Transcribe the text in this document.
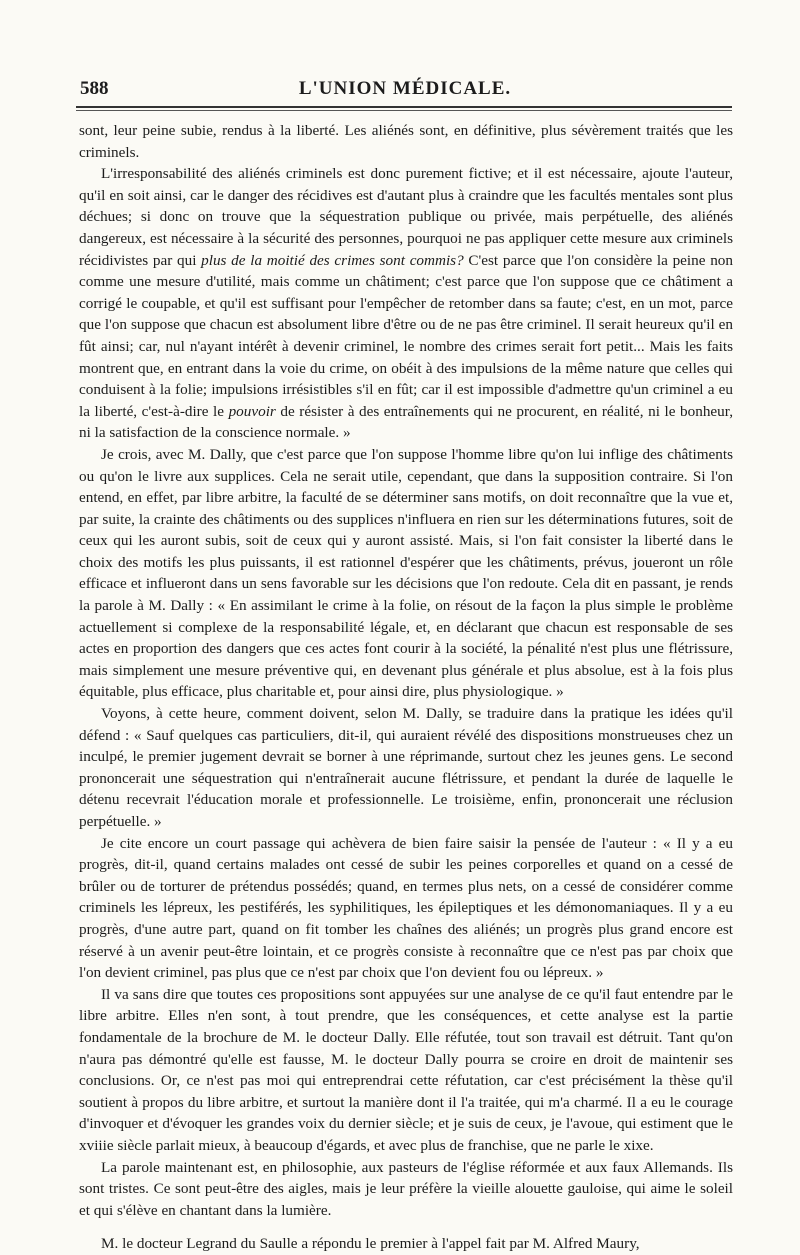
588	L'UNION MÉDICALE.

sont, leur peine subie, rendus à la liberté. Les aliénés sont, en définitive, plus sévèrement traités que les criminels.

L'irresponsabilité des aliénés criminels est donc purement fictive; et il est nécessaire, ajoute l'auteur, qu'il en soit ainsi, car le danger des récidives est d'autant plus à craindre que les facultés mentales sont plus déchues; si donc on trouve que la séquestration publique ou privée, mais perpétuelle, des aliénés dangereux, est nécessaire à la sécurité des personnes, pourquoi ne pas appliquer cette mesure aux criminels récidivistes par qui plus de la moitié des crimes sont commis? C'est parce que l'on considère la peine non comme une mesure d'utilité, mais comme un châtiment; c'est parce que l'on suppose que ce châtiment a corrigé le coupable, et qu'il est suffisant pour l'empêcher de retomber dans sa faute; c'est, en un mot, parce que l'on suppose que chacun est absolument libre d'être ou de ne pas être criminel. Il serait heureux qu'il en fût ainsi; car, nul n'ayant intérêt à devenir criminel, le nombre des crimes serait fort petit... Mais les faits montrent que, en entrant dans la voie du crime, on obéit à des impulsions de la même nature que celles qui conduisent à la folie; impulsions irrésistibles s'il en fût; car il est impossible d'admettre qu'un criminel a eu la liberté, c'est-à-dire le pouvoir de résister à des entraînements qui ne procurent, en réalité, ni le bonheur, ni la satisfaction de la conscience normale. »

Je crois, avec M. Dally, que c'est parce que l'on suppose l'homme libre qu'on lui inflige des châtiments ou qu'on le livre aux supplices. Cela ne serait utile, cependant, que dans la supposition contraire. Si l'on entend, en effet, par libre arbitre, la faculté de se déterminer sans motifs, on doit reconnaître que la vue et, par suite, la crainte des châtiments ou des supplices n'influera en rien sur les déterminations futures, soit de ceux qui les auront subis, soit de ceux qui y auront assisté. Mais, si l'on fait consister la liberté dans le choix des motifs les plus puissants, il est rationnel d'espérer que les châtiments, prévus, joueront un rôle efficace et influeront dans un sens favorable sur les décisions que l'on redoute. Cela dit en passant, je rends la parole à M. Dally : « En assimilant le crime à la folie, on résout de la façon la plus simple le problème actuellement si complexe de la responsabilité légale, et, en déclarant que chacun est responsable de ses actes en proportion des dangers que ces actes font courir à la société, la pénalité n'est plus une flétrissure, mais simplement une mesure préventive qui, en devenant plus générale et plus absolue, est à la fois plus équitable, plus efficace, plus charitable et, pour ainsi dire, plus physiologique. »

Voyons, à cette heure, comment doivent, selon M. Dally, se traduire dans la pratique les idées qu'il défend : « Sauf quelques cas particuliers, dit-il, qui auraient révélé des dispositions monstrueuses chez un inculpé, le premier jugement devrait se borner à une réprimande, surtout chez les jeunes gens. Le second prononcerait une séquestration qui n'entraînerait aucune flétrissure, et pendant la durée de laquelle le détenu recevrait l'éducation morale et professionnelle. Le troisième, enfin, prononcerait une réclusion perpétuelle. »

Je cite encore un court passage qui achèvera de bien faire saisir la pensée de l'auteur : « Il y a eu progrès, dit-il, quand certains malades ont cessé de subir les peines corporelles et quand on a cessé de brûler ou de torturer de prétendus possédés; quand, en termes plus nets, on a cessé de considérer comme criminels les lépreux, les pestiférés, les syphilitiques, les épileptiques et les démonomaniaques. Il y a eu progrès, d'une autre part, quand on fit tomber les chaînes des aliénés; un progrès plus grand encore est réservé à un avenir peut-être lointain, et ce progrès consiste à reconnaître que ce n'est pas par choix que l'on devient criminel, pas plus que ce n'est par choix que l'on devient fou ou lépreux. »

Il va sans dire que toutes ces propositions sont appuyées sur une analyse de ce qu'il faut entendre par le libre arbitre. Elles n'en sont, à tout prendre, que les conséquences, et cette analyse est la partie fondamentale de la brochure de M. le docteur Dally. Elle réfutée, tout son travail est détruit. Tant qu'on n'aura pas démontré qu'elle est fausse, M. le docteur Dally pourra se croire en droit de maintenir ses conclusions. Or, ce n'est pas moi qui entreprendrai cette réfutation, car c'est précisément la thèse qu'il soutient à propos du libre arbitre, et surtout la manière dont il l'a traitée, qui m'a charmé. Il a eu le courage d'invoquer et d'évoquer les grandes voix du dernier siècle; et je suis de ceux, je l'avoue, qui estiment que le xviiie siècle parlait mieux, à beaucoup d'égards, et avec plus de franchise, que ne parle le xixe.

La parole maintenant est, en philosophie, aux pasteurs de l'église réformée et aux faux Allemands. Ils sont tristes. Ce sont peut-être des aigles, mais je leur préfère la vieille alouette gauloise, qui aime le soleil et qui s'élève en chantant dans la lumière.

M. le docteur Legrand du Saulle a répondu le premier à l'appel fait par M. Alfred Maury,
